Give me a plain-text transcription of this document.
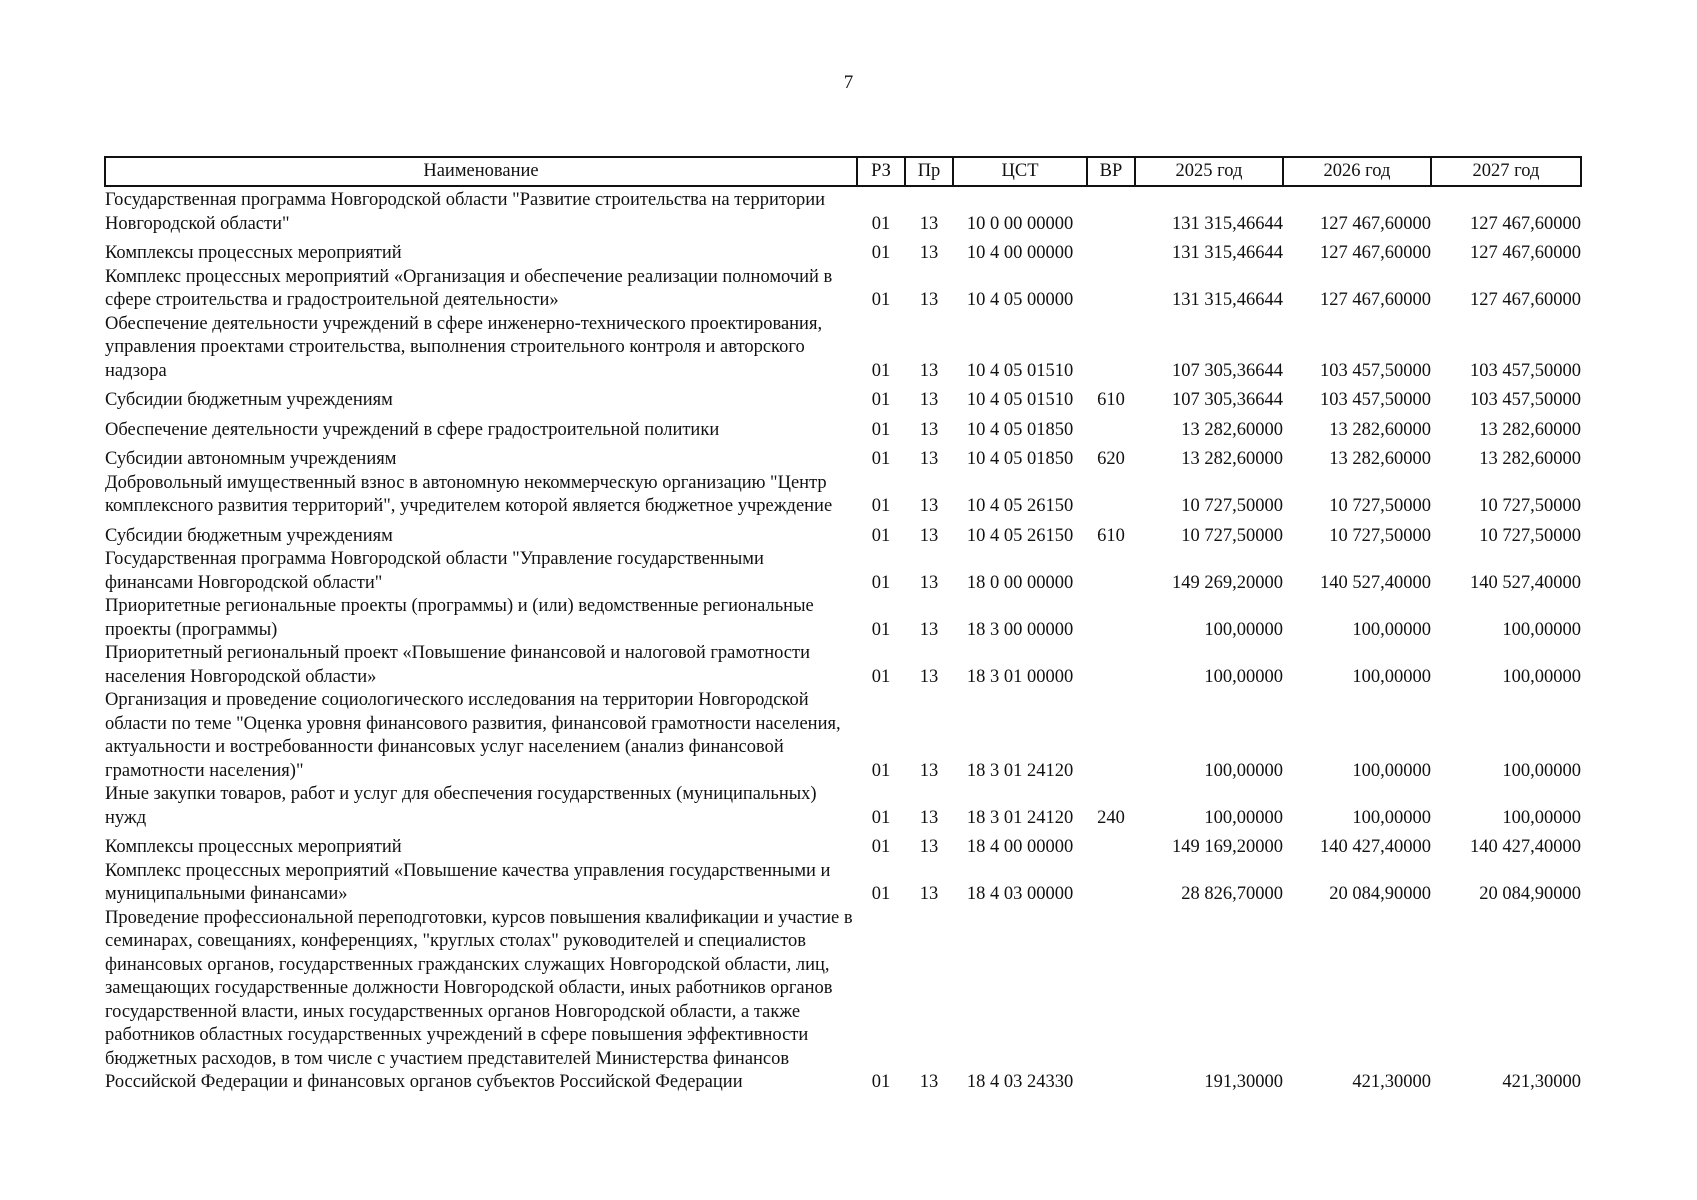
7
Наименование	РЗ	Пр	ЦСТ	ВР	2025 год	2026 год	2027 год
Государственная программа Новгородской области "Развитие строительства на территории Новгородской области"	01	13	10 0 00 00000		131 315,46644	127 467,60000	127 467,60000
Комплексы процессных мероприятий	01	13	10 4 00 00000		131 315,46644	127 467,60000	127 467,60000
Комплекс процессных мероприятий «Организация и обеспечение реализации полномочий в сфере строительства и градостроительной деятельности»	01	13	10 4 05 00000		131 315,46644	127 467,60000	127 467,60000
Обеспечение деятельности учреждений в сфере инженерно-технического проектирования, управления проектами строительства, выполнения строительного контроля и авторского надзора	01	13	10 4 05 01510		107 305,36644	103 457,50000	103 457,50000
Субсидии бюджетным учреждениям	01	13	10 4 05 01510	610	107 305,36644	103 457,50000	103 457,50000
Обеспечение деятельности учреждений в сфере градостроительной политики	01	13	10 4 05 01850		13 282,60000	13 282,60000	13 282,60000
Субсидии автономным учреждениям	01	13	10 4 05 01850	620	13 282,60000	13 282,60000	13 282,60000
Добровольный имущественный взнос в автономную некоммерческую организацию "Центр комплексного развития территорий", учредителем которой является бюджетное учреждение	01	13	10 4 05 26150		10 727,50000	10 727,50000	10 727,50000
Субсидии бюджетным учреждениям	01	13	10 4 05 26150	610	10 727,50000	10 727,50000	10 727,50000
Государственная программа Новгородской области "Управление государственными финансами Новгородской области"	01	13	18 0 00 00000		149 269,20000	140 527,40000	140 527,40000
Приоритетные региональные проекты (программы) и (или) ведомственные региональные проекты (программы)	01	13	18 3 00 00000		100,00000	100,00000	100,00000
Приоритетный региональный проект «Повышение финансовой и налоговой грамотности населения Новгородской области»	01	13	18 3 01 00000		100,00000	100,00000	100,00000
Организация и проведение социологического исследования на территории Новгородской области по теме "Оценка уровня финансового развития, финансовой грамотности населения, актуальности и востребованности финансовых услуг населением (анализ финансовой грамотности населения)"	01	13	18 3 01 24120		100,00000	100,00000	100,00000
Иные закупки товаров, работ и услуг для обеспечения государственных (муниципальных) нужд	01	13	18 3 01 24120	240	100,00000	100,00000	100,00000
Комплексы процессных мероприятий	01	13	18 4 00 00000		149 169,20000	140 427,40000	140 427,40000
Комплекс процессных мероприятий «Повышение качества управления государственными и муниципальными финансами»	01	13	18 4 03 00000		28 826,70000	20 084,90000	20 084,90000
Проведение профессиональной переподготовки, курсов повышения квалификации и участие в семинарах, совещаниях, конференциях, "круглых столах" руководителей и специалистов финансовых органов, государственных гражданских служащих Новгородской области, лиц, замещающих государственные должности Новгородской области, иных работников органов государственной власти, иных государственных органов Новгородской области, а также работников областных государственных учреждений в сфере повышения эффективности бюджетных расходов, в том числе с участием представителей Министерства финансов Российской Федерации и финансовых органов субъектов Российской Федерации	01	13	18 4 03 24330		191,30000	421,30000	421,30000
